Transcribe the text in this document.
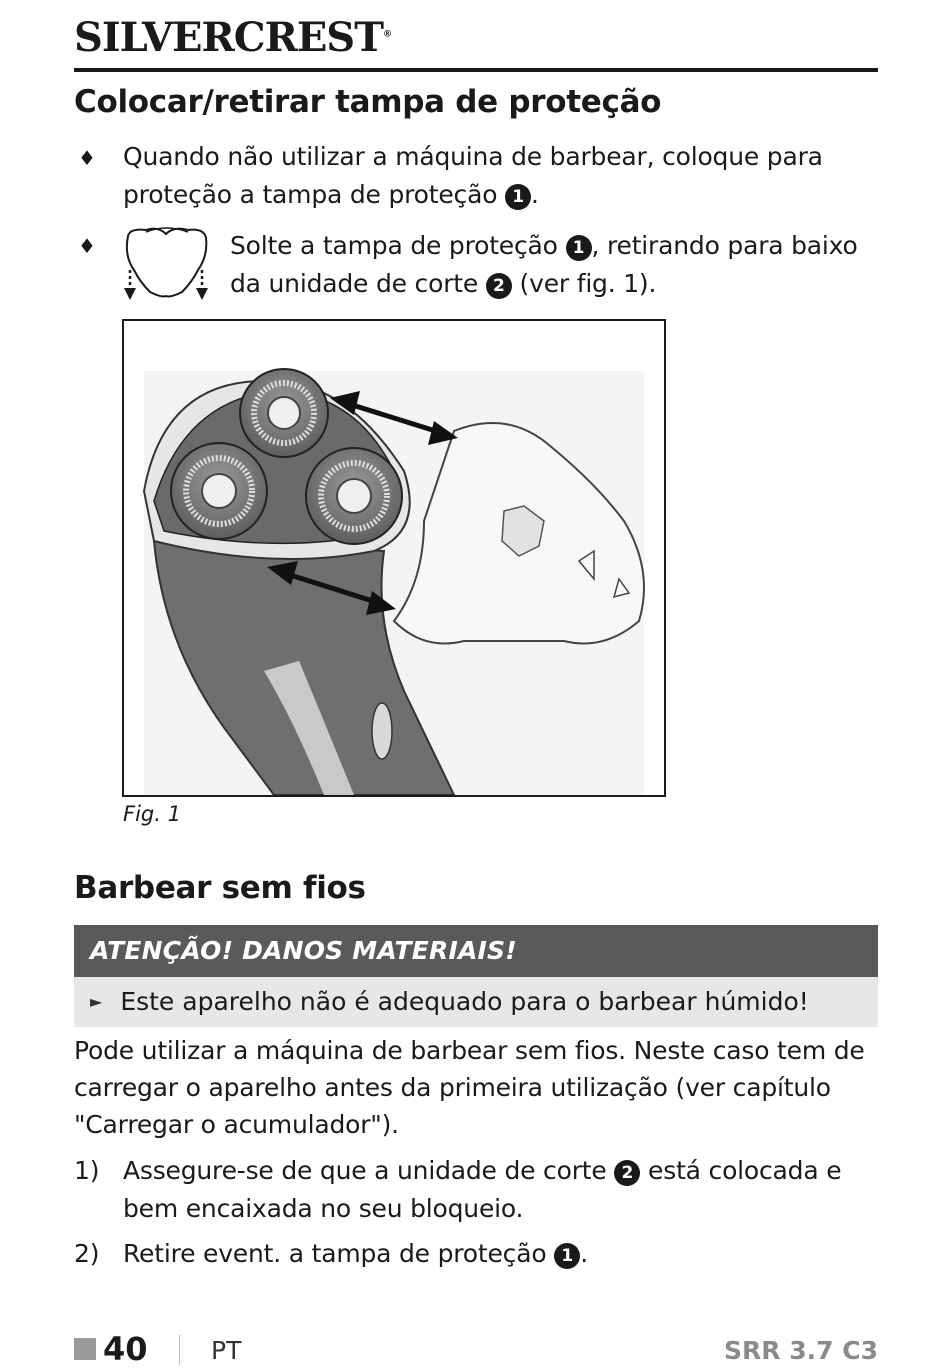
SILVERCREST®
Colocar/retirar tampa de proteção
♦ Quando não utilizar a máquina de barbear, coloque para
proteção a tampa de proteção 1 .
♦	Solte a tampa de proteção 1 , retirando para baixo
da unidade de corte 2 (ver fig. 1).
Fig. 1
Barbear sem fios
ATENÇÃO! DANOS MATERIAIS!
► Este aparelho não é adequado para o barbear húmido!
Pode utilizar a máquina de barbear sem fios. Neste caso tem de
carregar o aparelho antes da primeira utilização (ver capítulo
"Carregar o acumulador").
1) Assegure-se de que a unidade de corte 2 está colocada e
bem encaixada no seu bloqueio.
2) Retire event. a tampa de proteção 1 .
40	PT	SRR 3.7 C3
